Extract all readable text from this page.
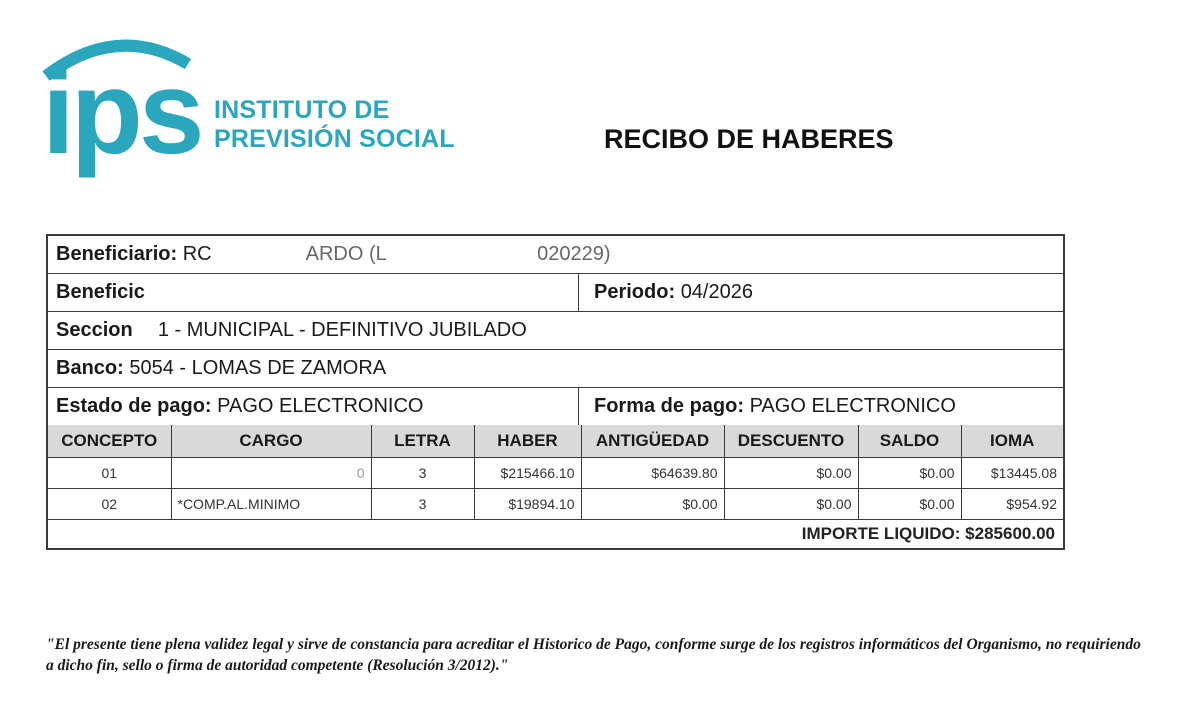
ips INSTITUTO DE
PREVISIÓN SOCIAL	RECIBO DE HABERES
Beneficiario: RC	ARDO (L	020229)
Beneficic	Periodo: 04/2026
Seccion 1 - MUNICIPAL - DEFINITIVO JUBILADO
Banco: 5054 - LOMAS DE ZAMORA
Estado de pago: PAGO ELECTRONICO	Forma de pago: PAGO ELECTRONICO
CONCEPTO	CARGO	LETRA	HABER	ANTIGÜEDAD	DESCUENTO	SALDO	IOMA
01	0	3	$215466.10	$64639.80	$0.00	$0.00	$13445.08
02	*COMP.AL.MINIMO	3	$19894.10	$0.00	$0.00	$0.00	$954.92
IMPORTE LIQUIDO: $285600.00
"El presente tiene plena validez legal y sirve de constancia para acreditar el Historico de Pago, conforme surge de los registros informáticos del Organismo, no requiriendo a dicho fin, sello o firma de autoridad competente (Resolución 3/2012)."
